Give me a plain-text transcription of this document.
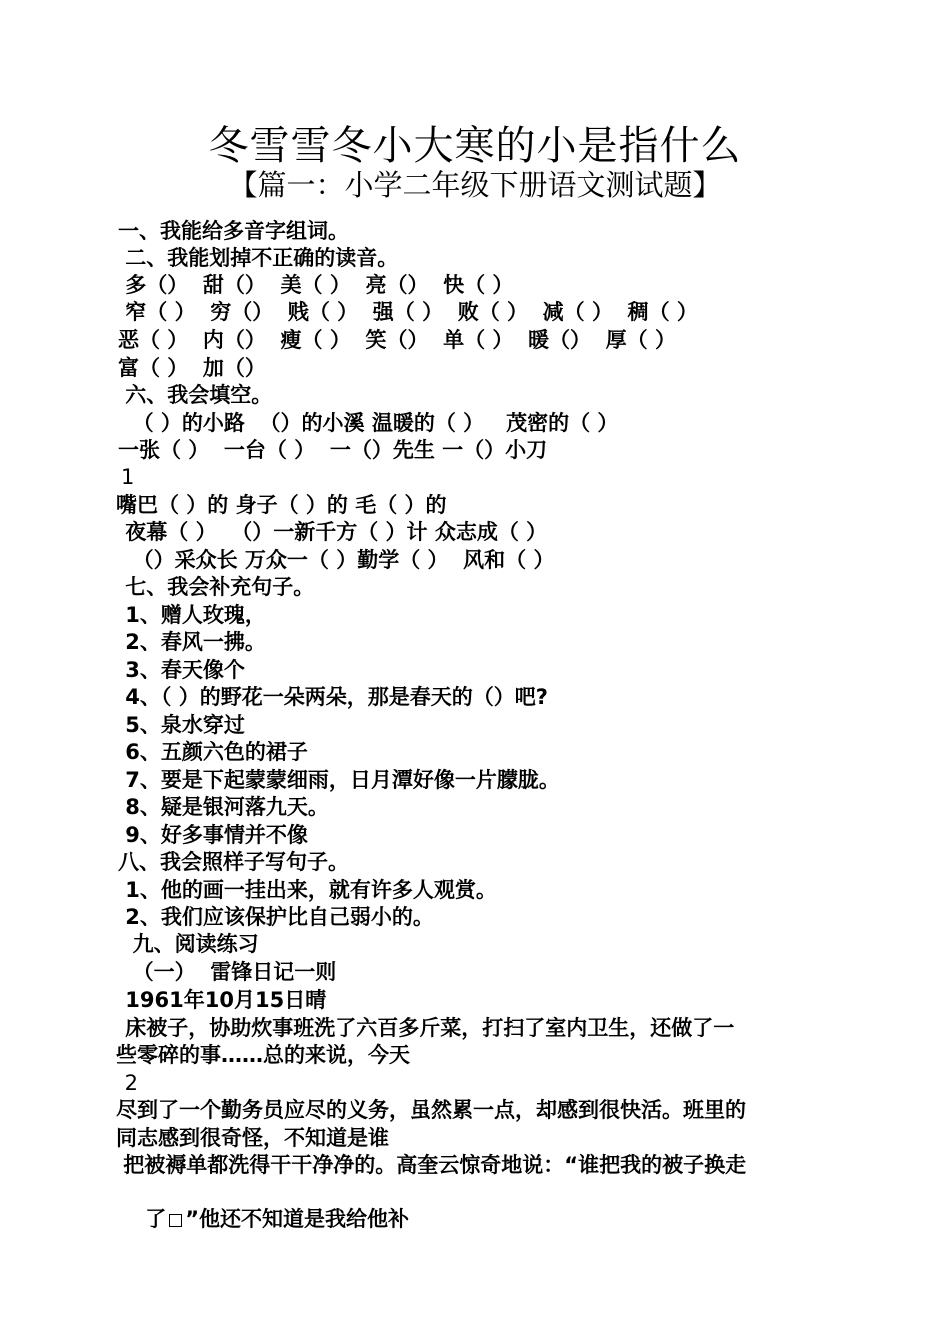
冬雪雪冬小大寒的小是指什么
【篇一：小学二年级下册语文测试题】
一、我能给多音字组词。
二、我能划掉不正确的读音。
多（）  甜（）  美（ ）  亮（）  快（ ）
窄（ ）  穷（）  贱（ ）  强（ ）  败（ ）  减（ ）  稠（ ）
恶（ ）  内（）  瘦（ ）  笑（）  单（ ）  暖（）  厚（ ）
富（ ）  加（）
六、我会填空。
（ ）的小路  （）的小溪 温暖的（ ）   茂密的（ ）
一张（ ）  一台（ ）  一（）先生 一（）小刀
1
嘴巴（ ）的 身子（ ）的 毛（ ）的
夜幕（ ）  （）一新千方（ ）计 众志成（ ）
（）采众长 万众一（ ）勤学（ ）  风和（ ）
七、我会补充句子。
1、赠人玫瑰，
2、春风一拂。
3、春天像个
4、（ ）的野花一朵两朵，那是春天的（）吧?
5、泉水穿过
6、五颜六色的裙子
7、要是下起蒙蒙细雨，日月潭好像一片朦胧。
8、疑是银河落九天。
9、好多事情并不像
八、我会照样子写句子。
1、他的画一挂出来，就有许多人观赏。
2、我们应该保护比自己弱小的。
九、阅读练习
（一）  雷锋日记一则
1961年10月15日晴
床被子，协助炊事班洗了六百多斤菜，打扫了室内卫生，还做了一
些零碎的事……总的来说，今天
2
尽到了一个勤务员应尽的义务，虽然累一点，却感到很快活。班里的
同志感到很奇怪，不知道是谁
把被褥单都洗得干干净净的。高奎云惊奇地说：“谁把我的被子换走

了 ”他还不知道是我给他补
